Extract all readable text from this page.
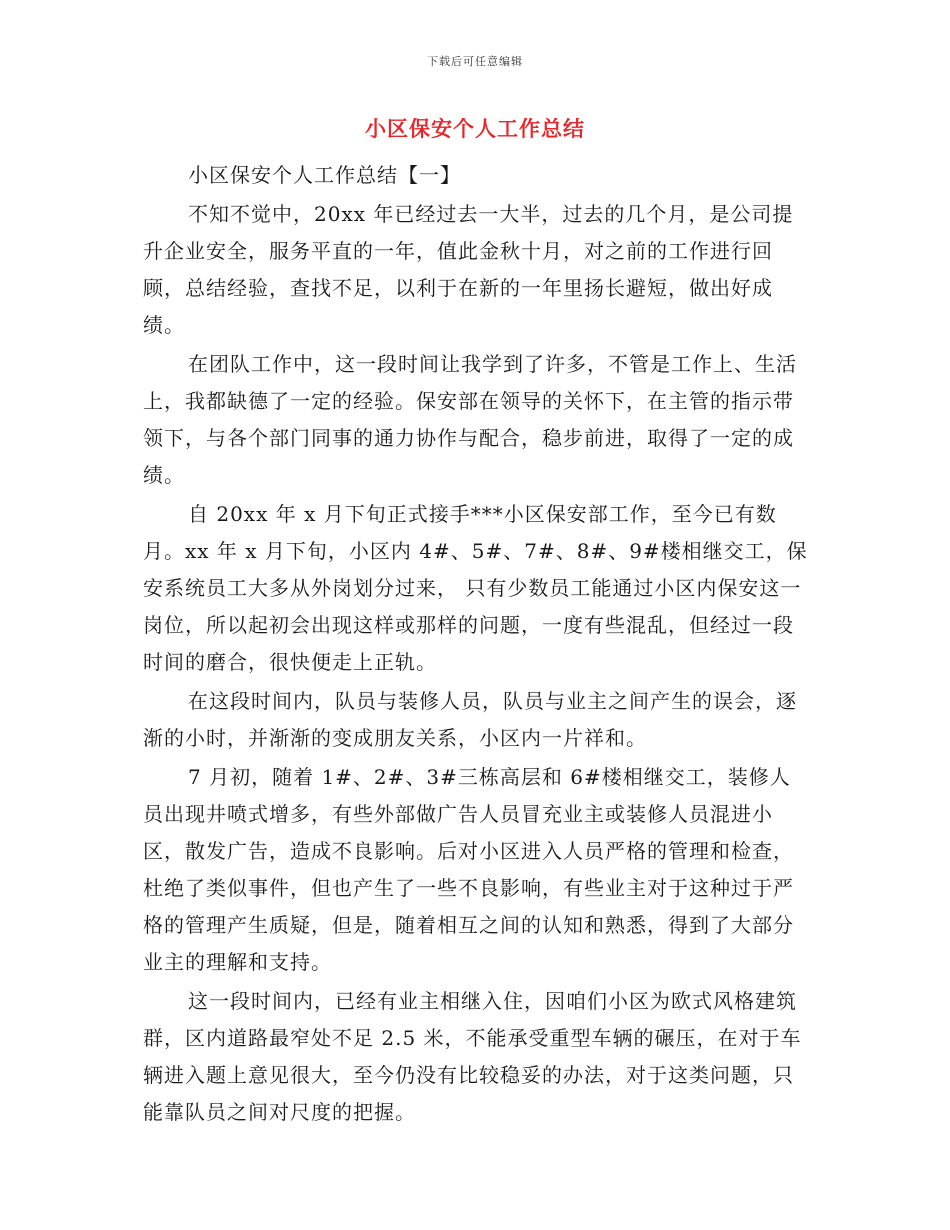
下载后可任意编辑
小区保安个人工作总结

小区保安个人工作总结【一】

不知不觉中，20xx 年已经过去一大半，过去的几个月，是公司提升企业安全，服务平直的一年，值此金秋十月，对之前的工作进行回顾，总结经验，查找不足，以利于在新的一年里扬长避短，做出好成绩。

在团队工作中，这一段时间让我学到了许多，不管是工作上、生活上，我都缺德了一定的经验。保安部在领导的关怀下，在主管的指示带领下，与各个部门同事的通力协作与配合，稳步前进，取得了一定的成绩。

自 20xx 年 x 月下旬正式接手***小区保安部工作，至今已有数月。xx 年 x 月下旬，小区内 4#、5#、7#、8#、9#楼相继交工，保安系统员工大多从外岗划分过来， 只有少数员工能通过小区内保安这一岗位，所以起初会出现这样或那样的问题，一度有些混乱，但经过一段时间的磨合，很快便走上正轨。

在这段时间内，队员与装修人员，队员与业主之间产生的误会，逐渐的小时，并渐渐的变成朋友关系，小区内一片祥和。

7 月初，随着 1#、2#、3#三栋高层和 6#楼相继交工，装修人员出现井喷式增多，有些外部做广告人员冒充业主或装修人员混进小区，散发广告，造成不良影响。后对小区进入人员严格的管理和检查，杜绝了类似事件，但也产生了一些不良影响，有些业主对于这种过于严格的管理产生质疑，但是，随着相互之间的认知和熟悉，得到了大部分业主的理解和支持。

这一段时间内，已经有业主相继入住，因咱们小区为欧式风格建筑群，区内道路最窄处不足 2.5 米，不能承受重型车辆的碾压，在对于车辆进入题上意见很大，至今仍没有比较稳妥的办法，对于这类问题，只能靠队员之间对尺度的把握。
